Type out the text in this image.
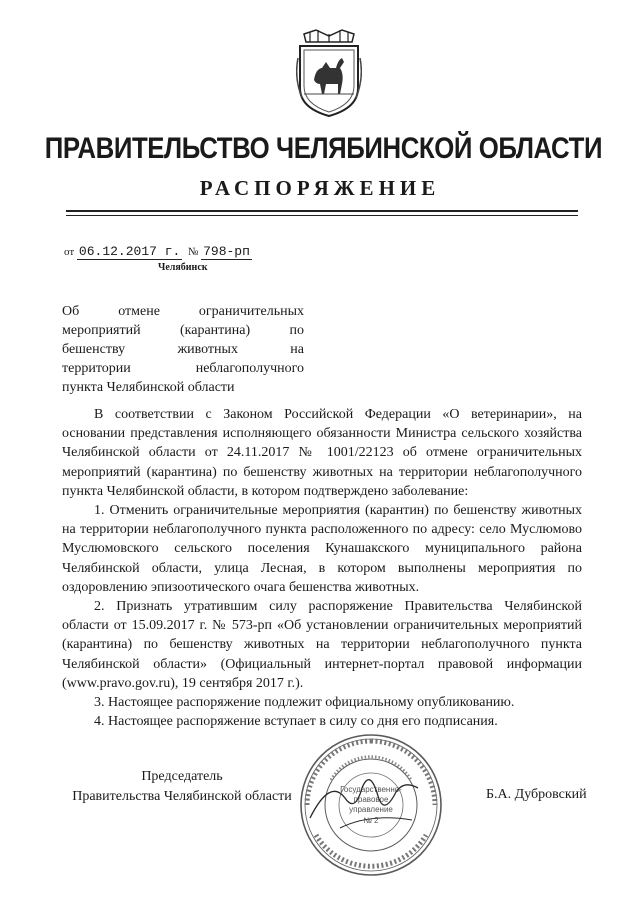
ПРАВИТЕЛЬСТВО ЧЕЛЯБИНСКОЙ ОБЛАСТИ
РАСПОРЯЖЕНИЕ
от 06.12.2017 г. № 798-рп
Челябинск
Об отмене ограничительных
мероприятий (карантина) по
бешенству животных на
территории неблагополучного
пункта Челябинской области

В соответствии с Законом Российской Федерации «О ветеринарии», на основании представления исполняющего обязанности Министра сельского хозяйства Челябинской области от 24.11.2017 № 1001/22123 об отмене ограничительных мероприятий (карантина) по бешенству животных на территории неблагополучного пункта Челябинской области, в котором подтверждено заболевание:

1. Отменить ограничительные мероприятия (карантин) по бешенству животных на территории неблагополучного пункта расположенного по адресу: село Муслюмово Муслюмовского сельского поселения Кунашакского муниципального района Челябинской области, улица Лесная, в котором выполнены мероприятия по оздоровлению эпизоотического очага бешенства животных.

2. Признать утратившим силу распоряжение Правительства Челябинской области от 15.09.2017 г. № 573-рп «Об установлении ограничительных мероприятий (карантина) по бешенству животных на территории неблагополучного пункта Челябинской области» (Официальный интернет-портал правовой информации (www.pravo.gov.ru), 19 сентября 2017 г.).

3. Настоящее распоряжение подлежит официальному опубликованию.

4. Настоящее распоряжение вступает в силу со дня его подписания.

Председатель
Правительства Челябинской области	Государственно-
правовое
управление
№ 2
Б.А. Дубровский
